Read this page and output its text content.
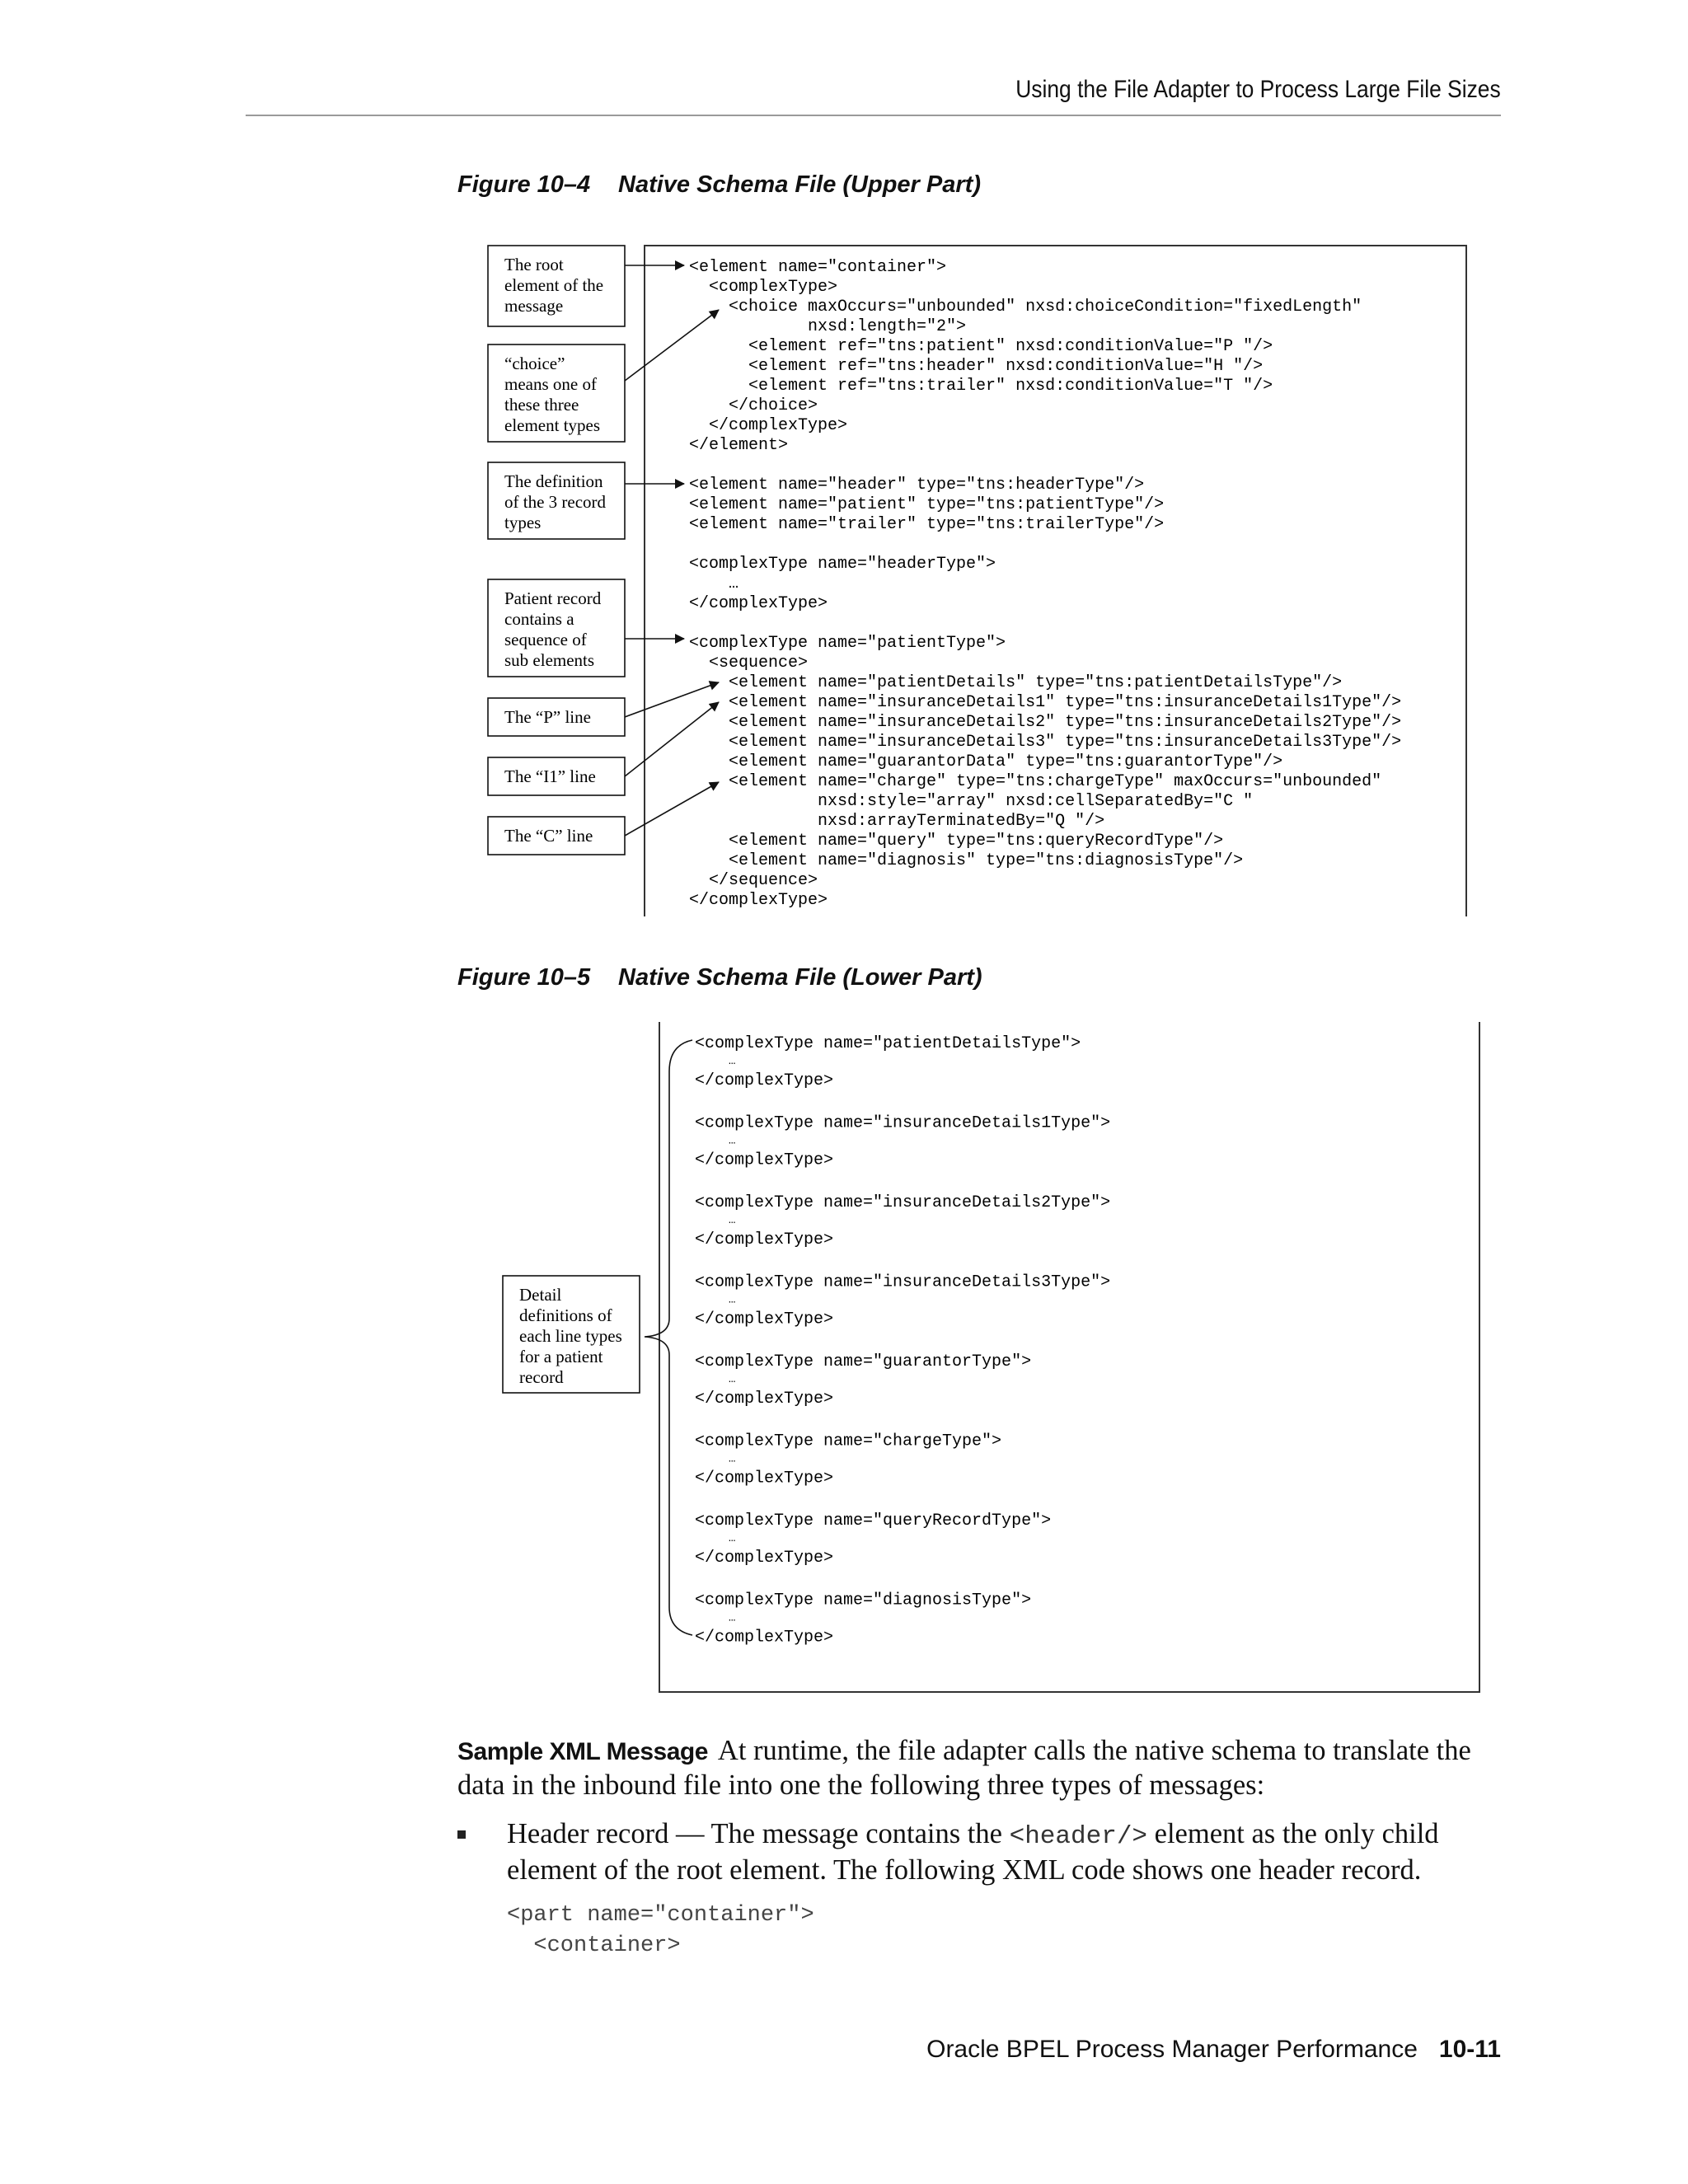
Using the File Adapter to Process Large File Sizes
Figure 10–4 Native Schema File (Upper Part)
Figure 10–5 Native Schema File (Lower Part)
The root
element of the
message
“choice”
means one of
these three
element types
The definition
of the 3 record
types
Patient record
contains a
sequence of
sub elements
The “P” line
The “I1” line
The “C” line
<element name="container">
<complexType>
<choice maxOccurs="unbounded" nxsd:choiceCondition="fixedLength"
nxsd:length="2">
<element ref="tns:patient" nxsd:conditionValue="P "/>
<element ref="tns:header" nxsd:conditionValue="H "/>
<element ref="tns:trailer" nxsd:conditionValue="T "/>
</choice>
</complexType>
</element>
<element name="header" type="tns:headerType"/>
<element name="patient" type="tns:patientType"/>
<element name="trailer" type="tns:trailerType"/>
<complexType name="headerType">
…
</complexType>
<complexType name="patientType">
<sequence>
<element name="patientDetails" type="tns:patientDetailsType"/>
<element name="insuranceDetails1" type="tns:insuranceDetails1Type"/>
<element name="insuranceDetails2" type="tns:insuranceDetails2Type"/>
<element name="insuranceDetails3" type="tns:insuranceDetails3Type"/>
<element name="guarantorData" type="tns:guarantorType"/>
<element name="charge" type="tns:chargeType" maxOccurs="unbounded"
nxsd:style="array" nxsd:cellSeparatedBy="C "
nxsd:arrayTerminatedBy="Q "/>
<element name="query" type="tns:queryRecordType"/>
<element name="diagnosis" type="tns:diagnosisType"/>
</sequence>
</complexType>
Detail
definitions of
each line types
for a patient
record
<complexType name="patientDetailsType">
…
</complexType>
<complexType name="insuranceDetails1Type">
…
</complexType>
<complexType name="insuranceDetails2Type">
…
</complexType>
<complexType name="insuranceDetails3Type">
…
</complexType>
<complexType name="guarantorType">
…
</complexType>
<complexType name="chargeType">
…
</complexType>
<complexType name="queryRecordType">
…
</complexType>
<complexType name="diagnosisType">
…
</complexType>
Sample XML Message At runtime, the file adapter calls the native schema to translate the data in the inbound file into one the following three types of messages:
Header record — The message contains the <header/> element as the only child element of the root element. The following XML code shows one header record.
<part name="container">
<container>
Oracle BPEL Process Manager Performance 10-11
